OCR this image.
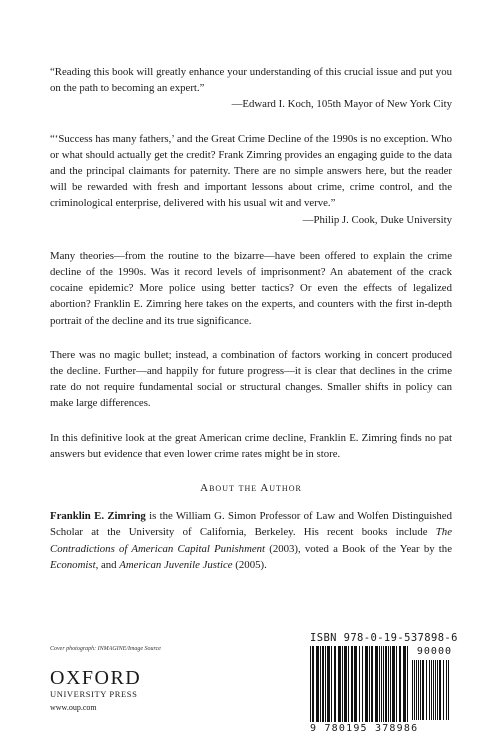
“Reading this book will greatly enhance your understanding of this crucial issue and put you on the path to becoming an expert.”

—Edward I. Koch, 105th Mayor of New York City

“‘Success has many fathers,’ and the Great Crime Decline of the 1990s is no exception. Who or what should actually get the credit? Frank Zimring provides an engaging guide to the data and the principal claimants for paternity. There are no simple answers here, but the reader will be rewarded with fresh and important lessons about crime, crime control, and the criminological enterprise, delivered with his usual wit and verve.”

—Philip J. Cook, Duke University

Many theories—from the routine to the bizarre—have been offered to explain the crime decline of the 1990s. Was it record levels of imprisonment? An abatement of the crack cocaine epidemic? More police using better tactics? Or even the effects of legalized abortion? Franklin E. Zimring here takes on the experts, and counters with the first in-depth portrait of the decline and its true significance.

There was no magic bullet; instead, a combination of factors working in concert produced the decline. Further—and happily for future progress—it is clear that declines in the crime rate do not require fundamental social or structural changes. Smaller shifts in policy can make large differences.

In this definitive look at the great American crime decline, Franklin E. Zimring finds no pat answers but evidence that even lower crime rates might be in store.

About the Author

Franklin E. Zimring is the William G. Simon Professor of Law and Wolfen Distinguished Scholar at the University of California, Berkeley. His recent books include The Contradictions of American Capital Punishment (2003), voted a Book of the Year by the Economist, and American Juvenile Justice (2005).

Cover photograph: INMAGINE/Image Source
OXFORD
UNIVERSITY PRESS
www.oup.com
ISBN 978-0-19-537898-6
90000
9 780195 378986
